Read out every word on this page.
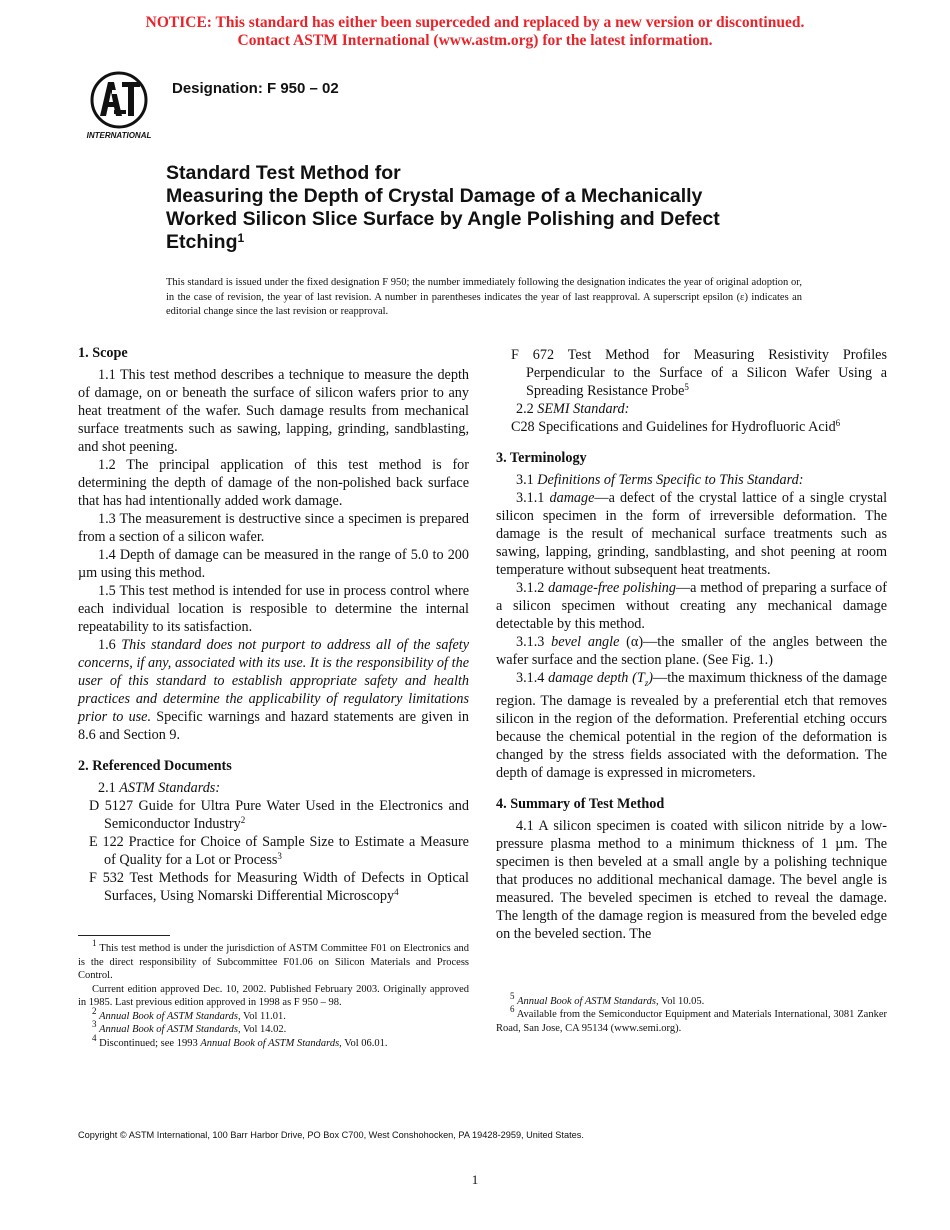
NOTICE: This standard has either been superceded and replaced by a new version or discontinued.
Contact ASTM International (www.astm.org) for the latest information.
INTERNATIONAL
Designation: F 950 – 02
Standard Test Method for
Measuring the Depth of Crystal Damage of a Mechanically
Worked Silicon Slice Surface by Angle Polishing and Defect
Etching$^1$
This standard is issued under the fixed designation F 950; the number immediately following the designation indicates the year of original adoption or, in the case of revision, the year of last revision. A number in parentheses indicates the year of last reapproval. A superscript epsilon (ε) indicates an editorial change since the last revision or reapproval.
1. Scope

1.1 This test method describes a technique to measure the depth of damage, on or beneath the surface of silicon wafers prior to any heat treatment of the wafer. Such damage results from mechanical surface treatments such as sawing, lapping, grinding, sandblasting, and shot peening.

1.2 The principal application of this test method is for determining the depth of damage of the non-polished back surface that has had intentionally added work damage.

1.3 The measurement is destructive since a specimen is prepared from a section of a silicon wafer.

1.4 Depth of damage can be measured in the range of 5.0 to 200 µm using this method.

1.5 This test method is intended for use in process control where each individual location is resposible to determine the internal repeatability to its satisfaction.

1.6 This standard does not purport to address all of the safety concerns, if any, associated with its use. It is the responsibility of the user of this standard to establish appropriate safety and health practices and determine the applicability of regulatory limitations prior to use. Specific warnings and hazard statements are given in 8.6 and Section 9.

2. Referenced Documents

2.1 ASTM Standards:

D 5127 Guide for Ultra Pure Water Used in the Electronics and Semiconductor Industry$^2$

E 122 Practice for Choice of Sample Size to Estimate a Measure of Quality for a Lot or Process$^3$

F 532 Test Methods for Measuring Width of Defects in Optical Surfaces, Using Nomarski Differential Microscopy$^4$

$^1$ This test method is under the jurisdiction of ASTM Committee F01 on Electronics and is the direct responsibility of Subcommittee F01.06 on Silicon Materials and Process Control.

Current edition approved Dec. 10, 2002. Published February 2003. Originally approved in 1985. Last previous edition approved in 1998 as F 950 – 98.

$^2$ Annual Book of ASTM Standards, Vol 11.01.

$^3$ Annual Book of ASTM Standards, Vol 14.02.

$^4$ Discontinued; see 1993 Annual Book of ASTM Standards, Vol 06.01.

F 672 Test Method for Measuring Resistivity Profiles Perpendicular to the Surface of a Silicon Wafer Using a Spreading Resistance Probe$^5$

2.2 SEMI Standard:

C28 Specifications and Guidelines for Hydrofluoric Acid$^6$

3. Terminology

3.1 Definitions of Terms Specific to This Standard:

3.1.1 damage—a defect of the crystal lattice of a single crystal silicon specimen in the form of irreversible deformation. The damage is the result of mechanical surface treatments such as sawing, lapping, grinding, sandblasting, and shot peening at room temperature without subsequent heat treatments.

3.1.2 damage-free polishing—a method of preparing a surface of a silicon specimen without creating any mechanical damage detectable by this method.

3.1.3 bevel angle (α)—the smaller of the angles between the wafer surface and the section plane. (See Fig. 1.)

3.1.4 damage depth $(T_z)—the$ maximum thickness of the damage region. The damage is revealed by a preferential etch that removes silicon in the region of the deformation. Preferential etching occurs because the chemical potential in the region of the deformation is changed by the stress fields associated with the deformation. The depth of damage is expressed in micrometers.

4. Summary of Test Method

4.1 A silicon specimen is coated with silicon nitride by a low-pressure plasma method to a minimum thickness of 1 µm. The specimen is then beveled at a small angle by a polishing technique that produces no additional mechanical damage. The bevel angle is measured. The beveled specimen is etched to reveal the damage. The length of the damage region is measured from the beveled edge on the beveled section. The

$^5$ Annual Book of ASTM Standards, Vol 10.05.

$^6$ Available from the Semiconductor Equipment and Materials International, 3081 Zanker Road, San Jose, CA 95134 (www.semi.org).

Copyright © ASTM International, 100 Barr Harbor Drive, PO Box C700, West Conshohocken, PA 19428-2959, United States.
1
